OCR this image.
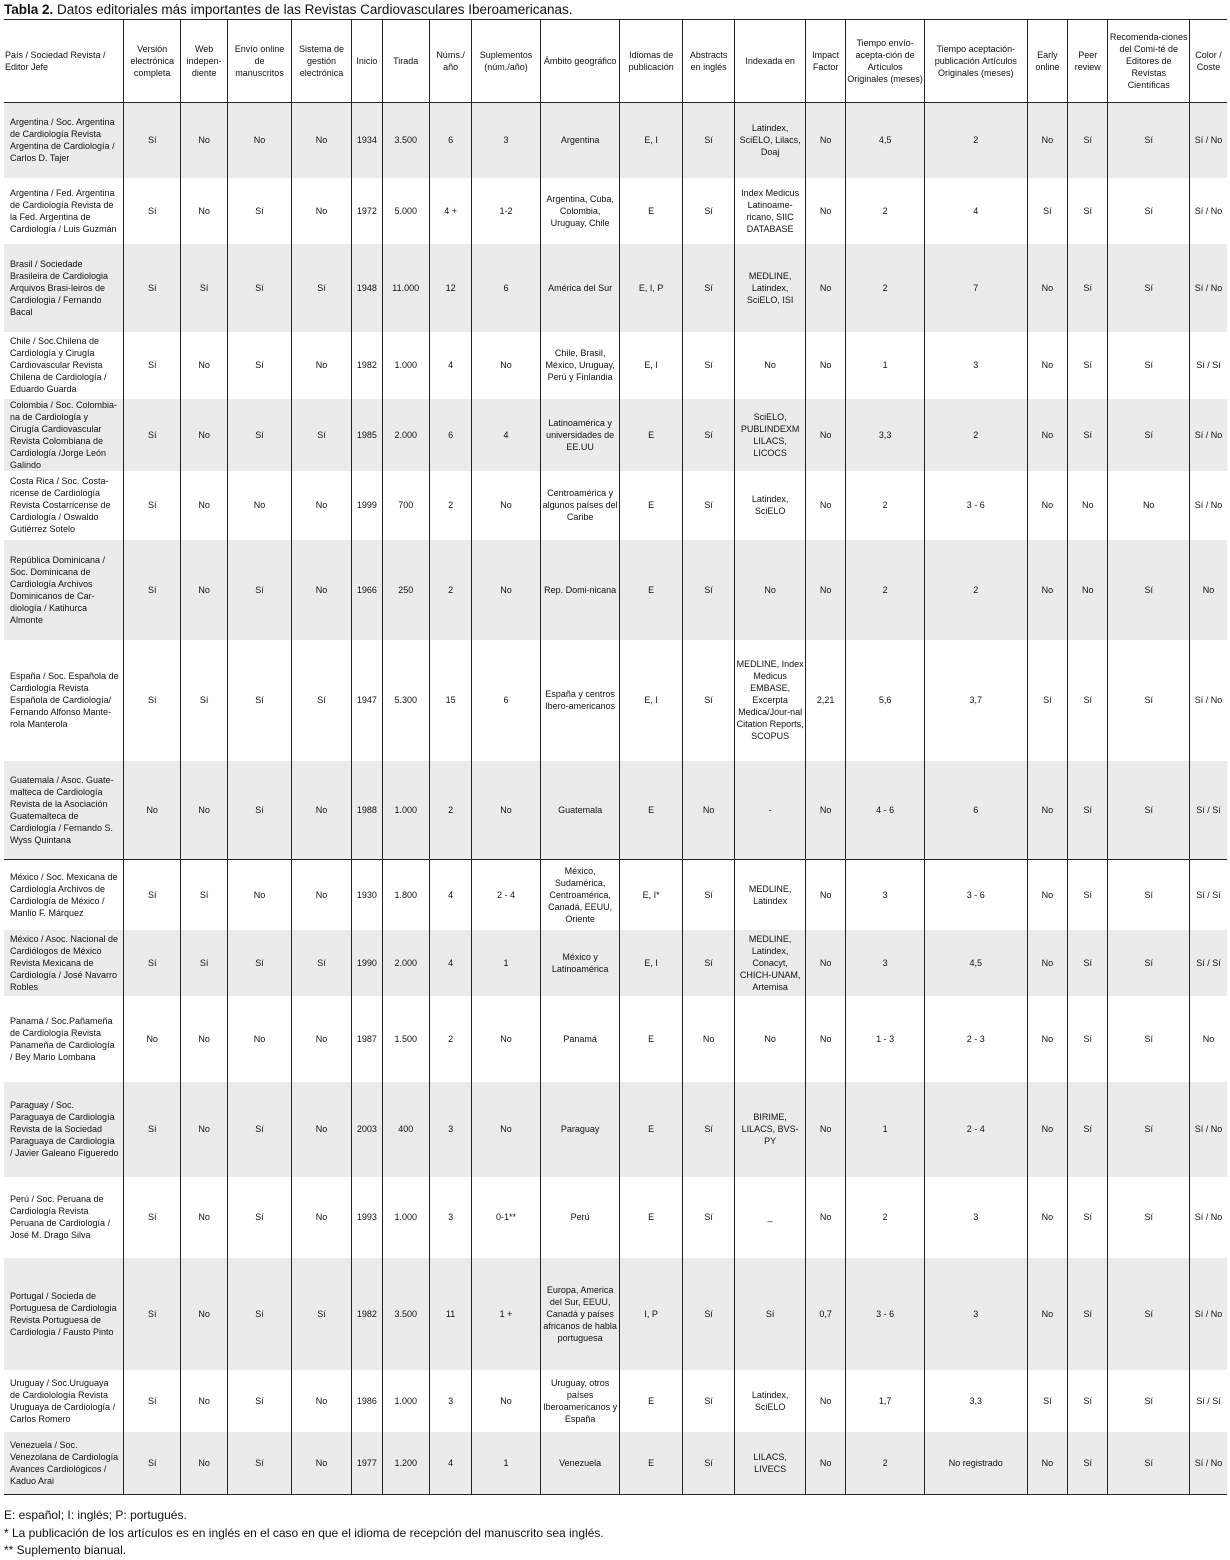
Tabla 2. Datos editoriales más importantes de las Revistas Cardiovasculares Iberoamericanas.
País / Sociedad Revista / Editor Jefe	Versión electrónica completa	Web indepen-diente	Envío online de manuscritos	Sistema de gestión electrónica	Inicio	Tirada	Núms./ año	Suplementos (núm./año)	Ámbito geográfico	Idiomas de publicación	Abstracts en inglés	Indexada en	Impact Factor	Tiempo envío-acepta-ción de Artículos Originales (meses)	Tiempo aceptación-publicación Artículos Originales (meses)	Early online	Peer review	Recomenda-ciones del Comi-té de Editores de Revistas Científicas	Color / Coste
Argentina / Soc. Argentina de Cardiología Revista Argentina de Cardiología / Carlos D. Tajer	Sí	No	No	No	1934	3.500	6	3	Argentina	E, I	Sí	Latindex, SciELO, Lilacs, Doaj	No	4,5	2	No	Sí	Sí	Sí / No
Argentina / Fed. Argentina de Cardiología Revista de la Fed. Argentina de Cardiología / Luis Guzmán	Sí	No	Sí	No	1972	5.000	4 +	1-2	Argentina, Cuba, Colombia, Uruguay, Chile	E	Sí	Index Medicus Latinoame-ricano, SIIC DATABASE	No	2	4	Sí	Sí	Sí	Sí / No
Brasil / Sociedade Brasileira de Cardiologia Arquivos Brasi-leiros de Cardiologia / Fernando Bacal	Sí	Sí	Sí	Sí	1948	11.000	12	6	América del Sur	E, I, P	Sí	MEDLINE, Latindex, SciELO, ISI	No	2	7	No	Sí	Sí	Sí / No
Chile / Soc.Chilena de Cardiología y Cirugía Cardiovascular Revista Chilena de Cardiología / Eduardo Guarda	Sí	No	Sí	No	1982	1.000	4	No	Chile, Brasil, México, Uruguay, Perú y Finlandia	E, I	Sí	No	No	1	3	No	Sí	Sí	Sí / Sí
Colombia / Soc. Colombia-na de Cardiología y Cirugía Cardiovascular Revista Colombiana de Cardiología /Jorge León Galindo	Sí	No	Sí	Sí	1985	2.000	6	4	Latinoamérica y universidades de EE.UU	E	Sí	SciELO, PUBLINDEXM LILACS, LICOCS	No	3,3	2	No	Sí	Sí	Sí / No
Costa Rica / Soc. Costa-ricense de Cardiología Revista Costarricense de Cardiología / Oswaldo Gutiérrez Sotelo	Sí	No	No	No	1999	700	2	No	Centroamérica y algunos países del Caribe	E	Sí	Latindex, SciELO	No	2	3 - 6	No	No	No	Sí / No
República Dominicana / Soc. Dominicana de Cardiología Archivos Dominicanos de Car-diología / Katihurca Almonte	Sí	No	Sí	No	1966	250	2	No	Rep. Domi-nicana	E	Sí	No	No	2	2	No	No	Sí	No
España / Soc. Española de Cardiología Revista Española de Cardiología/ Fernando Alfonso Mante-rola Manterola	Sí	Sí	Sí	Sí	1947	5.300	15	6	España y centros Ibero-americanos	E, I	Sí	MEDLINE, Index Medicus EMBASE, Excerpta Medica/Jour-nal Citation Reports, SCOPUS	2,21	5,6	3,7	Sí	Sí	Sí	Sí / No
Guatemala / Asoc. Guate-malteca de Cardiología Revista de la Asociación Guatemalteca de Cardiología / Fernando S. Wyss Quintana	No	No	Sí	No	1988	1.000	2	No	Guatemala	E	No	-	No	4 - 6	6	No	Sí	Sí	Sí / Sí
México / Soc. Mexicana de Cardiología Archivos de Cardiología de México / Manlio F. Márquez	Sí	Sí	No	No	1930	1.800	4	2 - 4	México, Sudamérica, Centroamérica, Canadá, EEUU, Oriente	E, I*	Sí	MEDLINE, Latindex	No	3	3 - 6	No	Sí	Sí	Sí / Sí
México / Asoc. Nacional de Cardiólogos de México Revista Mexicana de Cardiología / José Navarro Robles	Sí	Sí	Sí	Sí	1990	2.000	4	1	México y Latinoamérica	E, I	Sí	MEDLINE, Latindex, Conacyt, CHICH-UNAM, Artemisa	No	3	4,5	No	Sí	Sí	Sí / Sí
Panamá / Soc.Pañameña de Cardiología Revista Panameña de Cardiología / Bey Mario Lombana	No	No	No	No	1987	1.500	2	No	Panamá	E	No	No	No	1 - 3	2 - 3	No	Sí	Sí	No
Paraguay / Soc. Paraguaya de Cardiología Revista de la Sociedad Paraguaya de Cardiología / Javier Galeano Figueredo	Sí	No	Sí	No	2003	400	3	No	Paraguay	E	Sí	BIRIME, LILACS, BVS-PY	No	1	2 - 4	No	Sí	Sí	Sí / No
Perú / Soc. Peruana de Cardiología Revista Peruana de Cardiología / José M. Drago Silva	Sí	No	Sí	No	1993	1.000	3	0-1**	Perú	E	Sí	_	No	2	3	No	Sí	Sí	Sí / No
Portugal / Socieda de Portuguesa de Cardiologia Revista Portuguesa de Cardiologia / Fausto Pinto	Sí	No	Sí	Sí	1982	3.500	11	1 +	Europa, America del Sur, EEUU, Canadá y países africanos de habla portuguesa	I, P	Sí	Sí	0,7	3 - 6	3	No	Sí	Sí	Sí / No
Uruguay / Soc.Uruguaya de Cardiolología Revista Uruguaya de Cardiología / Carlos Romero	Sí	No	Sí	No	1986	1.000	3	No	Uruguay, otros países Iberoamericanos y España	E	Sí	Latindex, SciELO	No	1,7	3,3	Sí	Sí	Sí	Sí / Sí
Venezuela / Soc. Venezolana de Cardiología Avances Cardiológicos / Kaduo Arai	Sí	No	Sí	No	1977	1.200	4	1	Venezuela	E	Sí	LILACS, LIVECS	No	2	No registrado	No	Sí	Sí	Sí / No
E: español; I: inglés; P: portugués.
* La publicación de los artículos es en inglés en el caso en que el idioma de recepción del manuscrito sea inglés.
** Suplemento bianual.
